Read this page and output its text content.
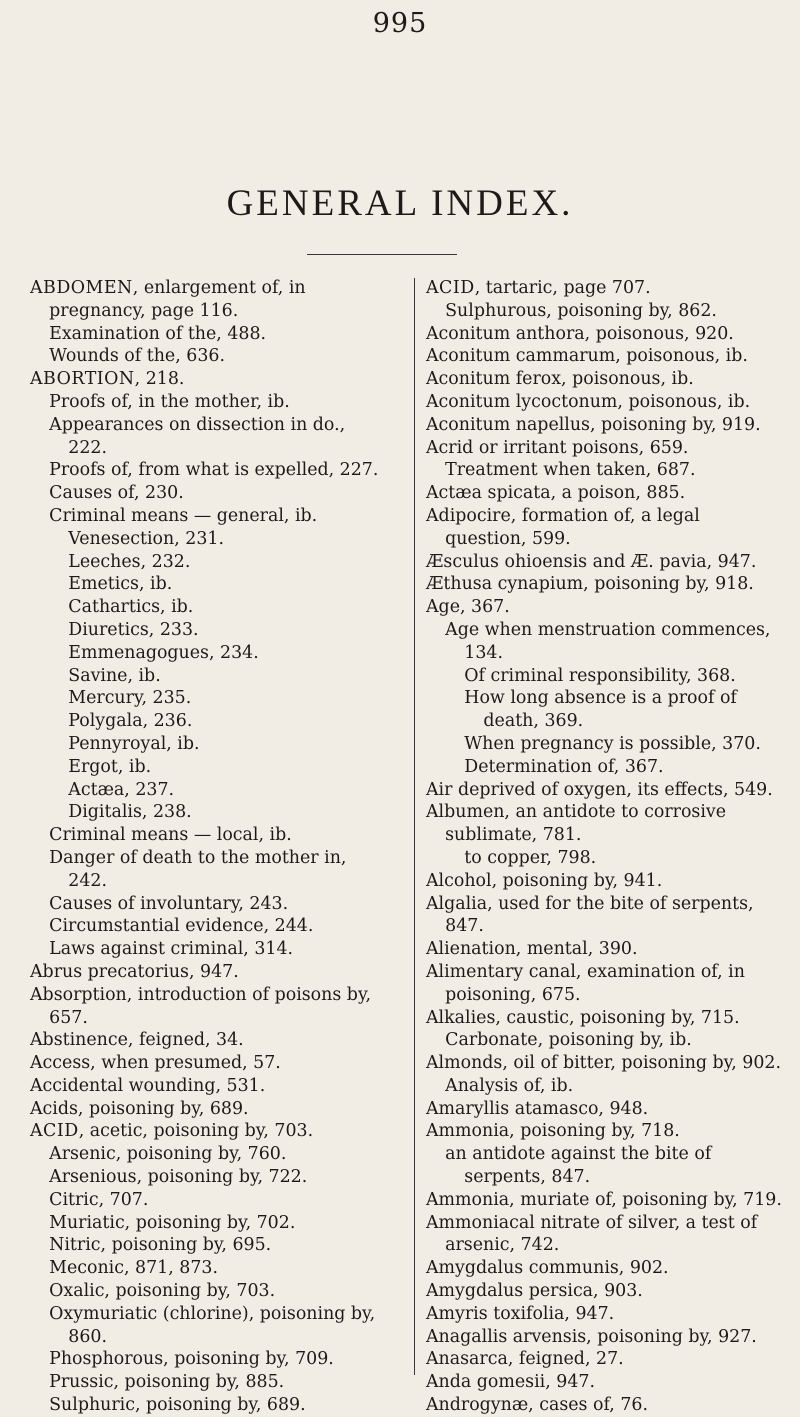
995
GENERAL INDEX.
ABDOMEN, enlargement of, in pregnancy, page 116.
Examination of the, 488.
Wounds of the, 636.
ABORTION, 218.
Proofs of, in the mother, ib.
Appearances on dissection in do., 222.
Proofs of, from what is expelled, 227.
Causes of, 230.
Criminal means — general, ib.
Venesection, 231.
Leeches, 232.
Emetics, ib.
Cathartics, ib.
Diuretics, 233.
Emmenagogues, 234.
Savine, ib.
Mercury, 235.
Polygala, 236.
Pennyroyal, ib.
Ergot, ib.
Actæa, 237.
Digitalis, 238.
Criminal means — local, ib.
Danger of death to the mother in, 242.
Causes of involuntary, 243.
Circumstantial evidence, 244.
Laws against criminal, 314.
Abrus precatorius, 947.
Absorption, introduction of poisons by, 657.
Abstinence, feigned, 34.
Access, when presumed, 57.
Accidental wounding, 531.
Acids, poisoning by, 689.
ACID, acetic, poisoning by, 703.
Arsenic, poisoning by, 760.
Arsenious, poisoning by, 722.
Citric, 707.
Muriatic, poisoning by, 702.
Nitric, poisoning by, 695.
Meconic, 871, 873.
Oxalic, poisoning by, 703.
Oxymuriatic (chlorine), poisoning by, 860.
Phosphorous, poisoning by, 709.
Prussic, poisoning by, 885.
Sulphuric, poisoning by, 689.
ACID, tartaric, page 707.
Sulphurous, poisoning by, 862.
Aconitum anthora, poisonous, 920.
Aconitum cammarum, poisonous, ib.
Aconitum ferox, poisonous, ib.
Aconitum lycoctonum, poisonous, ib.
Aconitum napellus, poisoning by, 919.
Acrid or irritant poisons, 659.
Treatment when taken, 687.
Actæa spicata, a poison, 885.
Adipocire, formation of, a legal question, 599.
Æsculus ohioensis and Æ. pavia, 947.
Æthusa cynapium, poisoning by, 918.
Age, 367.
Age when menstruation commences, 134.
Of criminal responsibility, 368.
How long absence is a proof of death, 369.
When pregnancy is possible, 370.
Determination of, 367.
Air deprived of oxygen, its effects, 549.
Albumen, an antidote to corrosive sublimate, 781.
to copper, 798.
Alcohol, poisoning by, 941.
Algalia, used for the bite of serpents, 847.
Alienation, mental, 390.
Alimentary canal, examination of, in poisoning, 675.
Alkalies, caustic, poisoning by, 715.
Carbonate, poisoning by, ib.
Almonds, oil of bitter, poisoning by, 902.
Analysis of, ib.
Amaryllis atamasco, 948.
Ammonia, poisoning by, 718.
an antidote against the bite of serpents, 847.
Ammonia, muriate of, poisoning by, 719.
Ammoniacal nitrate of silver, a test of arsenic, 742.
Amygdalus communis, 902.
Amygdalus persica, 903.
Amyris toxifolia, 947.
Anagallis arvensis, poisoning by, 927.
Anasarca, feigned, 27.
Anda gomesii, 947.
Androgynæ, cases of, 76.
